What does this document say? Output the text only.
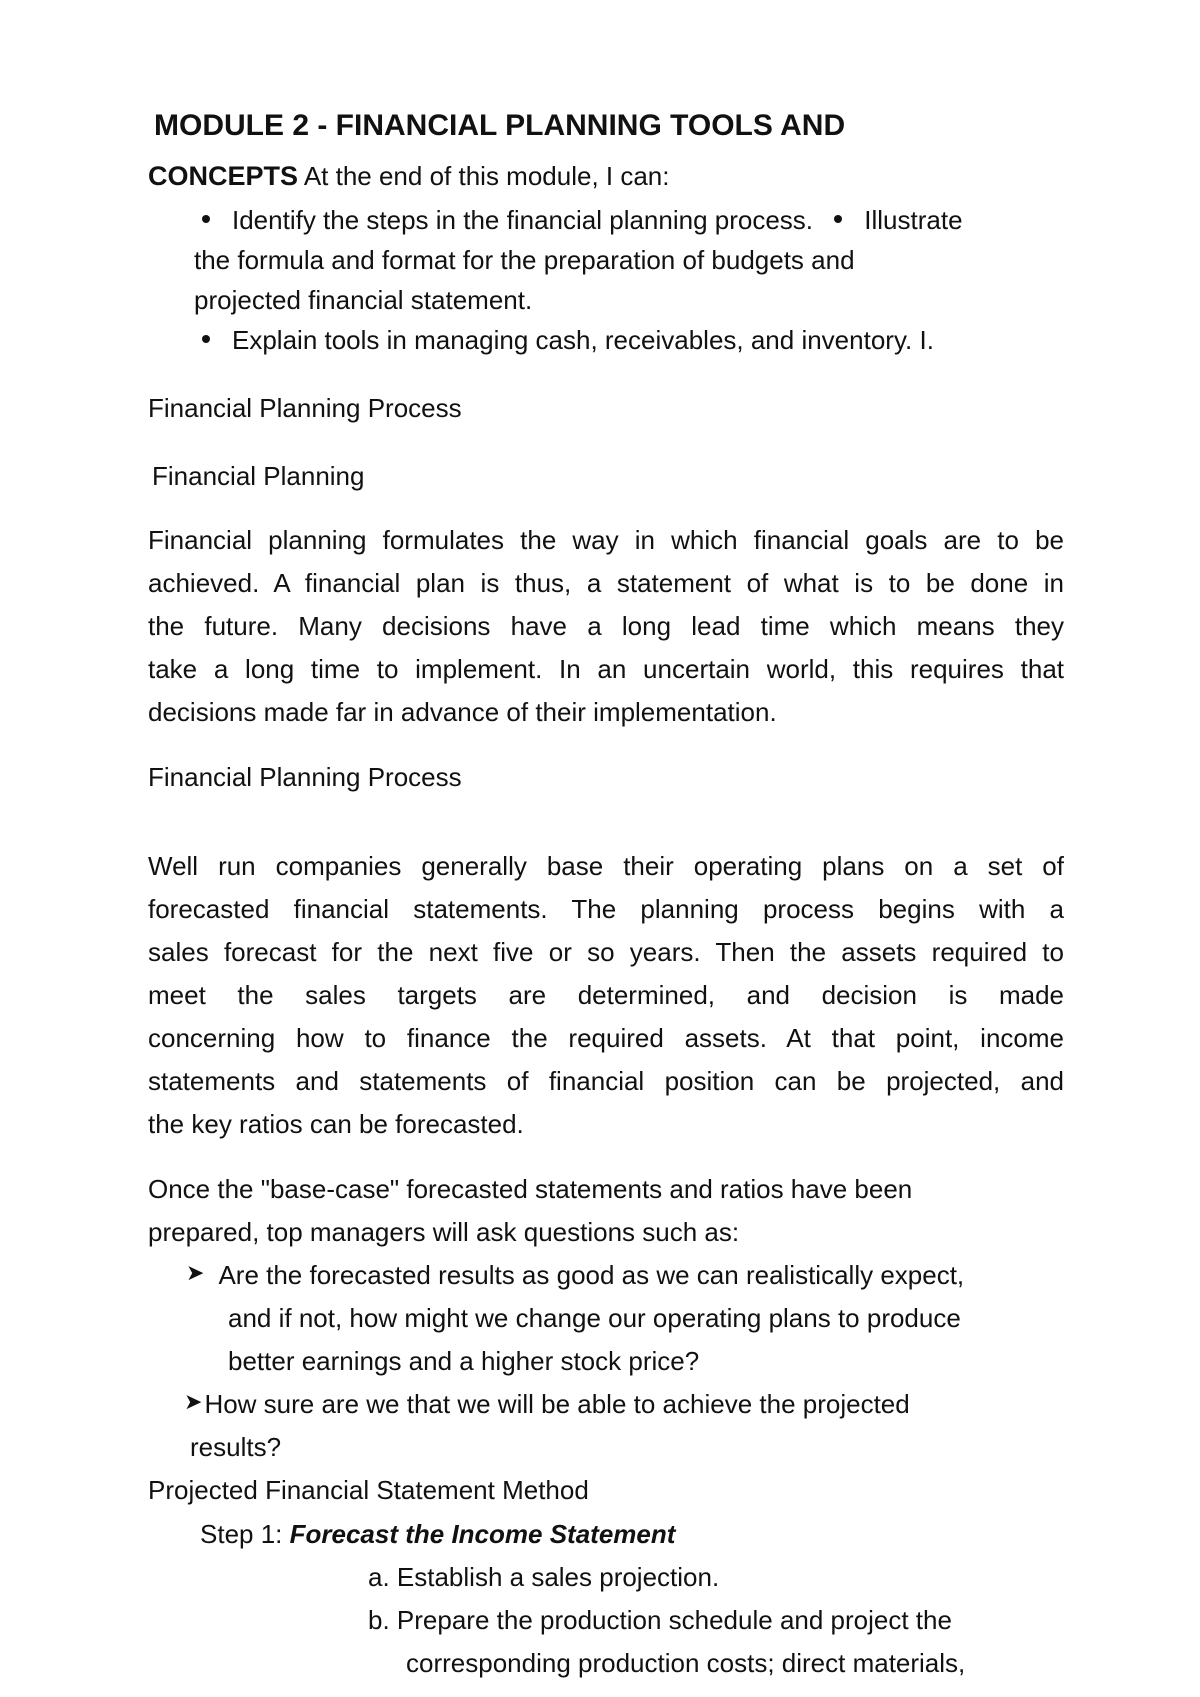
MODULE 2 - FINANCIAL PLANNING TOOLS AND
CONCEPTS At the end of this module, I can:
Identify the steps in the financial planning process. Illustrate
the formula and format for the preparation of budgets and
projected financial statement.
Explain tools in managing cash, receivables, and inventory. I.
Financial Planning Process
Financial Planning
Financial planning formulates the way in which financial goals are to be
achieved. A financial plan is thus, a statement of what is to be done in
the future. Many decisions have a long lead time which means they
take a long time to implement. In an uncertain world, this requires that
decisions made far in advance of their implementation.
Financial Planning Process
Well run companies generally base their operating plans on a set of
forecasted financial statements. The planning process begins with a
sales forecast for the next five or so years. Then the assets required to
meet the sales targets are determined, and decision is made
concerning how to finance the required assets. At that point, income
statements and statements of financial position can be projected, and
the key ratios can be forecasted.
Once the "base-case" forecasted statements and ratios have been
prepared, top managers will ask questions such as:
➤ Are the forecasted results as good as we can realistically expect,
and if not, how might we change our operating plans to produce
better earnings and a higher stock price?
➤How sure are we that we will be able to achieve the projected
results?
Projected Financial Statement Method
Step 1: Forecast the Income Statement
a. Establish a sales projection.
b. Prepare the production schedule and project the
corresponding production costs; direct materials,
